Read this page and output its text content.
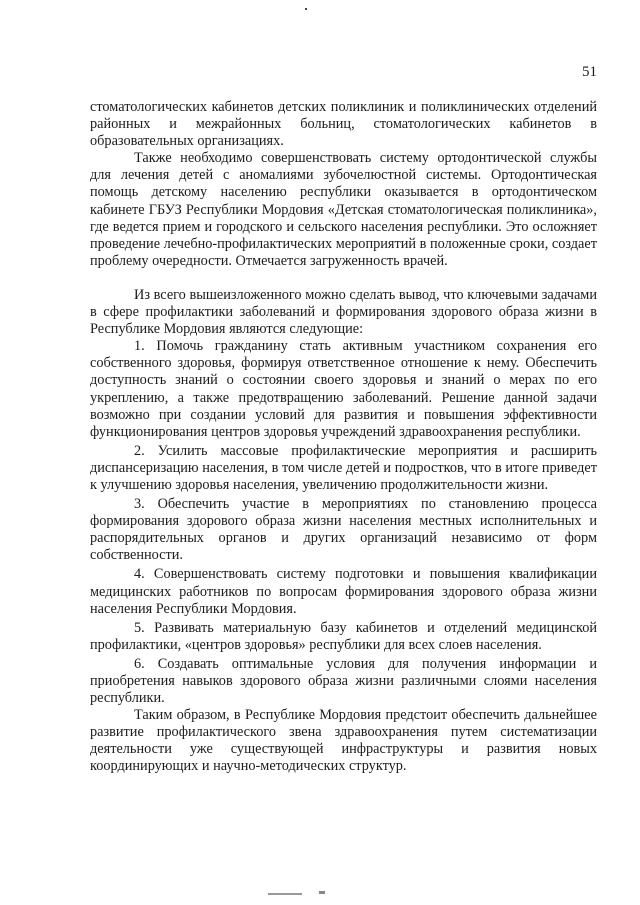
51

стоматологических кабинетов детских поликлиник и поликлинических отделений районных и межрайонных больниц, стоматологических кабинетов в образовательных организациях.

Также необходимо совершенствовать систему ортодонтической службы для лечения детей с аномалиями зубочелюстной системы. Ортодонтическая помощь детскому населению республики оказывается в ортодонтическом кабинете ГБУЗ Республики Мордовия «Детская стоматологическая поликлиника», где ведется прием и городского и сельского населения республики. Это осложняет проведение лечебно-профилактических мероприятий в положенные сроки, создает проблему очередности. Отмечается загруженность врачей.

Из всего вышеизложенного можно сделать вывод, что ключевыми задачами в сфере профилактики заболеваний и формирования здорового образа жизни в Республике Мордовия являются следующие:

1. Помочь гражданину стать активным участником сохранения его собственного здоровья, формируя ответственное отношение к нему. Обеспечить доступность знаний о состоянии своего здоровья и знаний о мерах по его укреплению, а также предотвращению заболеваний. Решение данной задачи возможно при создании условий для развития и повышения эффективности функционирования центров здоровья учреждений здравоохранения республики.

2. Усилить массовые профилактические мероприятия и расширить диспансеризацию населения, в том числе детей и подростков, что в итоге приведет к улучшению здоровья населения, увеличению продолжительности жизни.

3. Обеспечить участие в мероприятиях по становлению процесса формирования здорового образа жизни населения местных исполнительных и распорядительных органов и других организаций независимо от форм собственности.

4. Совершенствовать систему подготовки и повышения квалификации медицинских работников по вопросам формирования здорового образа жизни населения Республики Мордовия.

5. Развивать материальную базу кабинетов и отделений медицинской профилактики, «центров здоровья» республики для всех слоев населения.

6. Создавать оптимальные условия для получения информации и приобретения навыков здорового образа жизни различными слоями населения республики.

Таким образом, в Республике Мордовия предстоит обеспечить дальнейшее развитие профилактического звена здравоохранения путем систематизации деятельности уже существующей инфраструктуры и развития новых координирующих и научно-методических структур.
